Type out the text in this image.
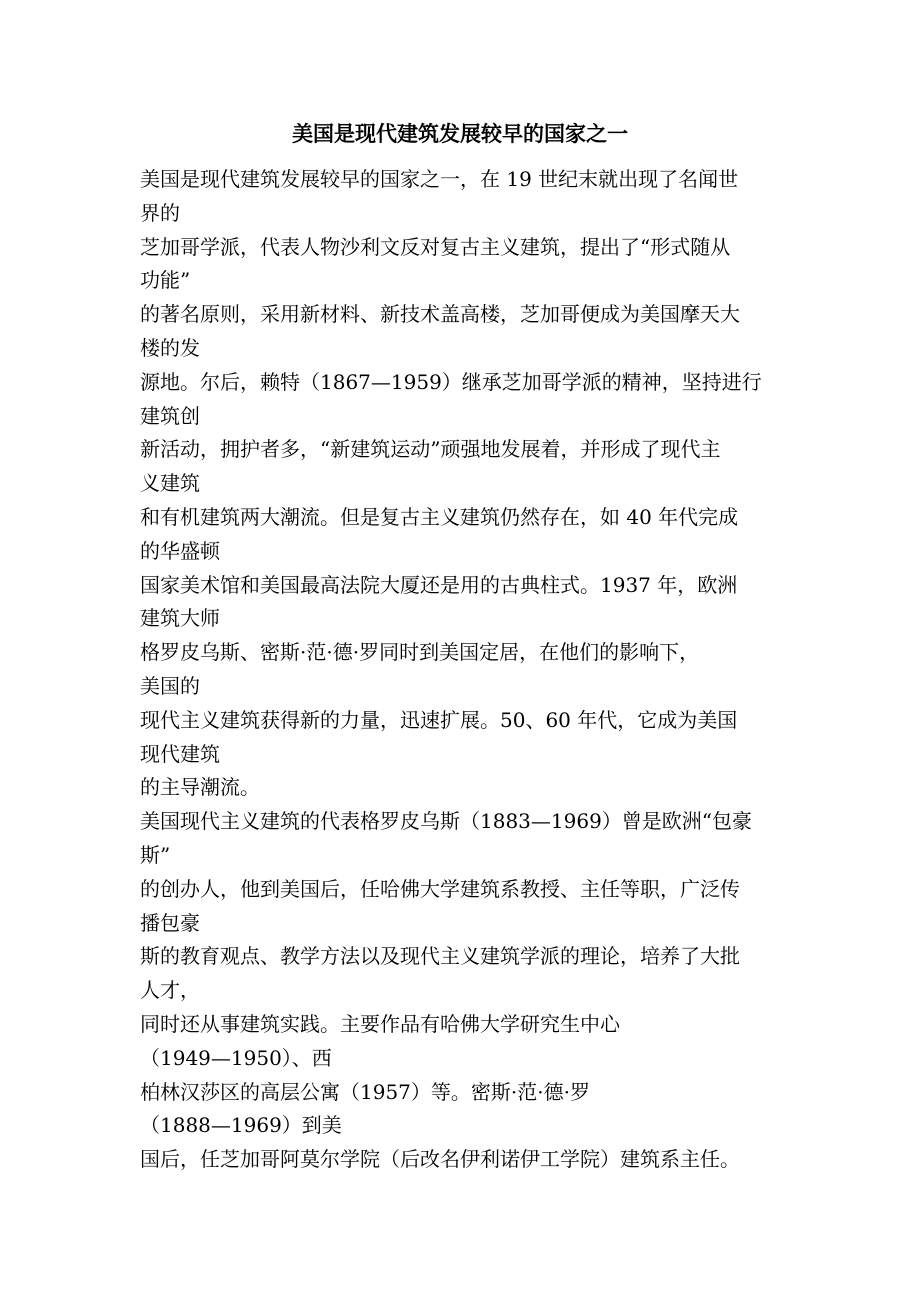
美国是现代建筑发展较早的国家之一

美国是现代建筑发展较早的国家之一，在 19 世纪末就出现了名闻世

界的

芝加哥学派，代表人物沙利文反对复古主义建筑，提出了“形式随从

功能”

的著名原则，采用新材料、新技术盖高楼，芝加哥便成为美国摩天大

楼的发

源地。尔后，赖特（1867—1959）继承芝加哥学派的精神，坚持进行

建筑创

新活动，拥护者多，“新建筑运动”顽强地发展着，并形成了现代主

义建筑

和有机建筑两大潮流。但是复古主义建筑仍然存在，如 40 年代完成

的华盛顿

国家美术馆和美国最高法院大厦还是用的古典柱式。1937 年，欧洲

建筑大师

格罗皮乌斯、密斯·范·德·罗同时到美国定居，在他们的影响下，

美国的

现代主义建筑获得新的力量，迅速扩展。50、60 年代，它成为美国

现代建筑

的主导潮流。

美国现代主义建筑的代表格罗皮乌斯（1883—1969）曾是欧洲“包豪

斯”

的创办人，他到美国后，任哈佛大学建筑系教授、主任等职，广泛传

播包豪

斯的教育观点、教学方法以及现代主义建筑学派的理论，培养了大批

人才，

同时还从事建筑实践。主要作品有哈佛大学研究生中心

（1949—1950）、西

柏林汉莎区的高层公寓（1957）等。密斯·范·德·罗

（1888—1969）到美

国后，任芝加哥阿莫尔学院（后改名伊利诺伊工学院）建筑系主任。
